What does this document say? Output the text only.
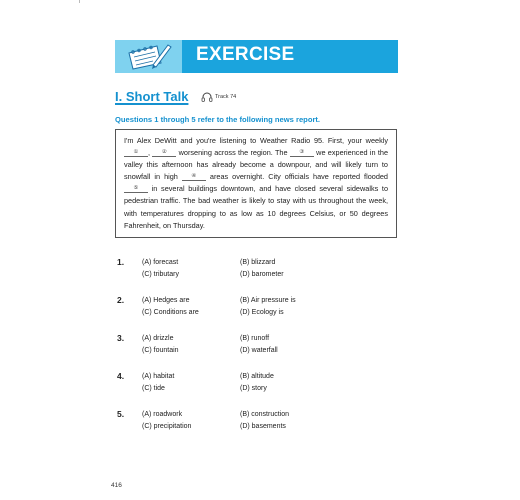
EXERCISE
I. Short Talk	Track 74
Questions 1 through 5 refer to the following news report.
I'm Alex DeWitt and you're listening to Weather Radio 95. First, your weekly ① , ② worsening across the region. The ③ we experienced in the valley this afternoon has already become a downpour, and will likely turn to snowfall in high ④ areas overnight. City officials have reported flooded ⑤ in several buildings downtown, and have closed several sidewalks to pedestrian traffic. The bad weather is likely to stay with us throughout the week, with temperatures dropping to as low as 10 degrees Celsius, or 50 degrees Fahrenheit, on Thursday.
1.	(A) forecast	(B) blizzard
(C) tributary	(D) barometer
2.	(A) Hedges are	(B) Air pressure is
(C) Conditions are	(D) Ecology is
3.	(A) drizzle	(B) runoff
(C) fountain	(D) waterfall
4.	(A) habitat	(B) altitude
(C) tide	(D) story
5.	(A) roadwork	(B) construction
(C) precipitation	(D) basements
416
